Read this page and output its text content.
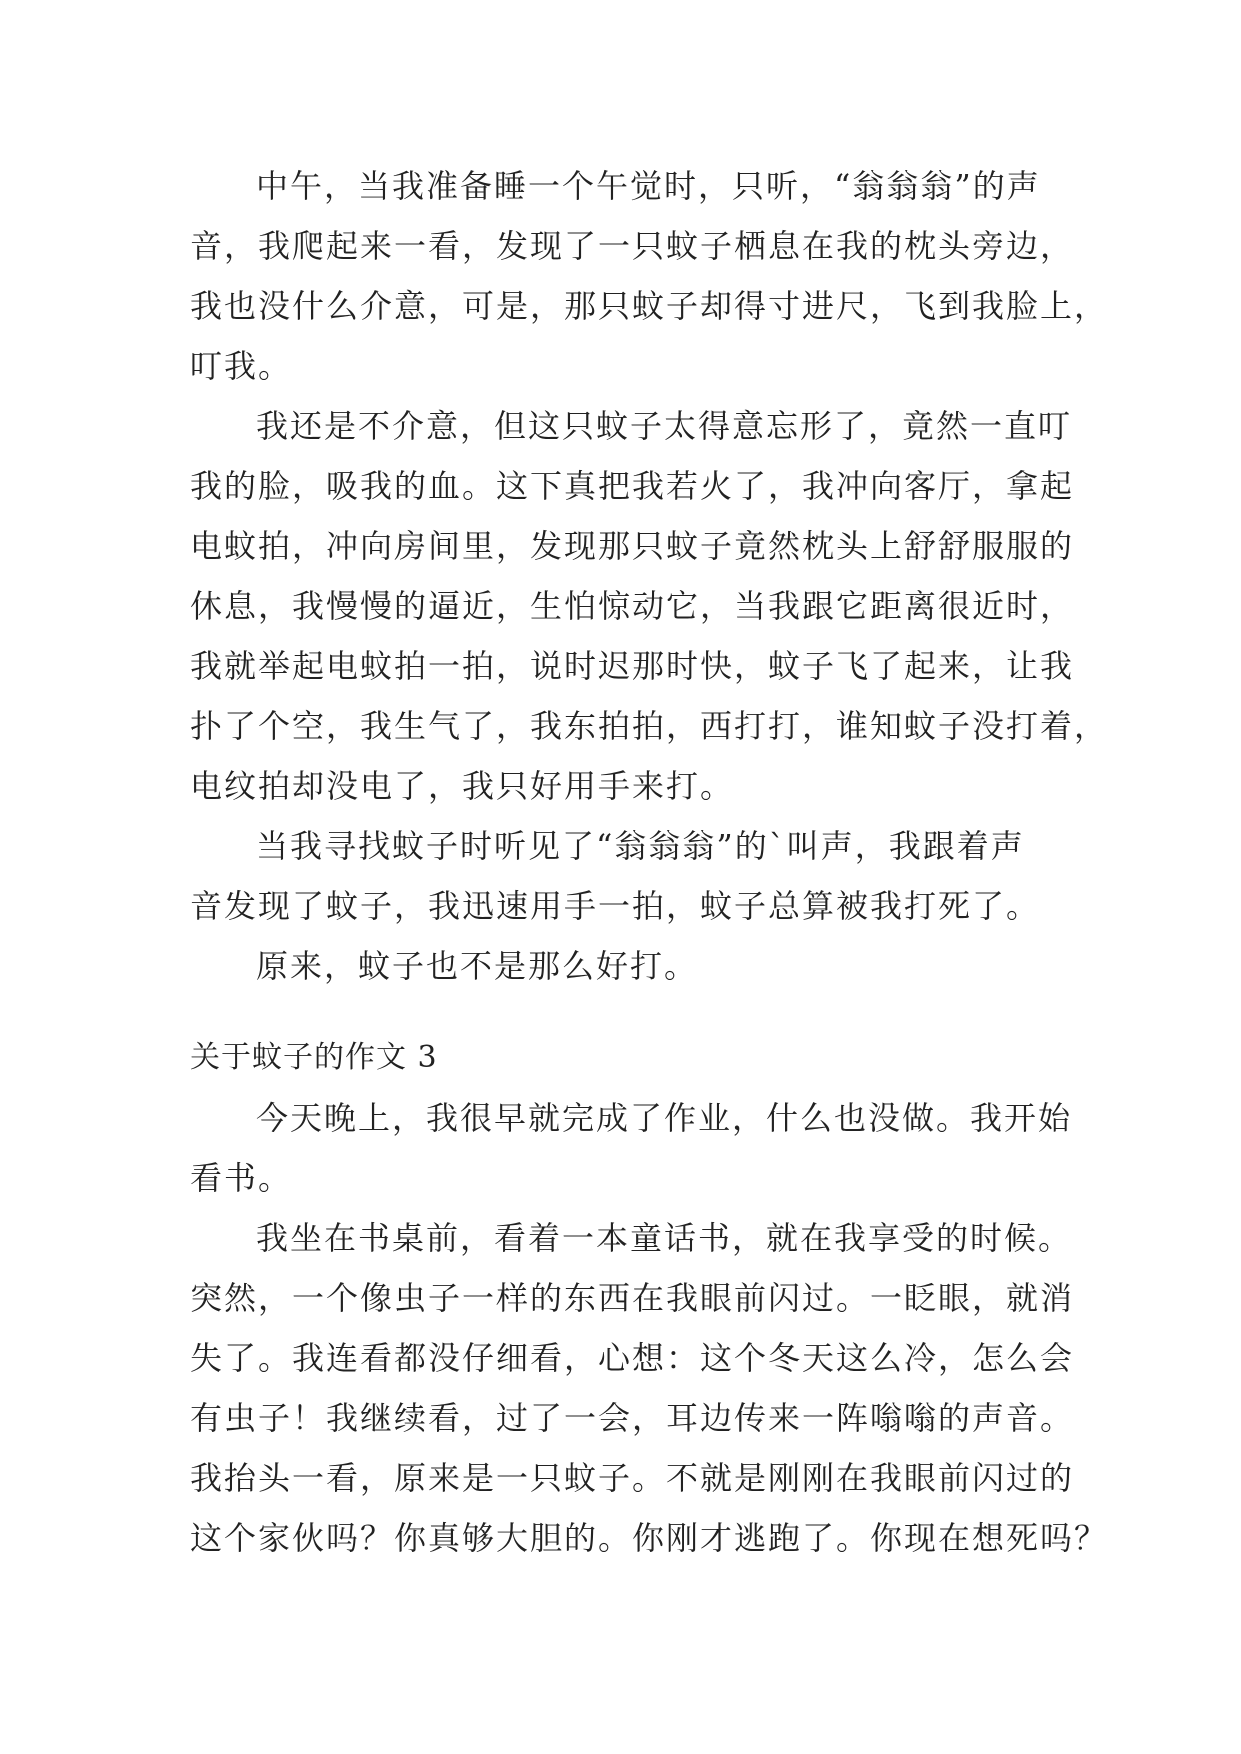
中午，当我准备睡一个午觉时，只听，“翁翁翁”的声
音，我爬起来一看，发现了一只蚊子栖息在我的枕头旁边，
我也没什么介意，可是，那只蚊子却得寸进尺，飞到我脸上，
叮我。
我还是不介意，但这只蚊子太得意忘形了，竟然一直叮
我的脸，吸我的血。这下真把我若火了，我冲向客厅，拿起
电蚊拍，冲向房间里，发现那只蚊子竟然枕头上舒舒服服的
休息，我慢慢的逼近，生怕惊动它，当我跟它距离很近时，
我就举起电蚊拍一拍，说时迟那时快，蚊子飞了起来，让我
扑了个空，我生气了，我东拍拍，西打打，谁知蚊子没打着，
电纹拍却没电了，我只好用手来打。
当我寻找蚊子时听见了“翁翁翁”的`叫声，我跟着声
音发现了蚊子，我迅速用手一拍，蚊子总算被我打死了。
原来，蚊子也不是那么好打。
关于蚊子的作文 3
今天晚上，我很早就完成了作业，什么也没做。我开始
看书。
我坐在书桌前，看着一本童话书，就在我享受的时候。
突然，一个像虫子一样的东西在我眼前闪过。一眨眼，就消
失了。我连看都没仔细看，心想：这个冬天这么冷，怎么会
有虫子！我继续看，过了一会，耳边传来一阵嗡嗡的声音。
我抬头一看，原来是一只蚊子。不就是刚刚在我眼前闪过的
这个家伙吗？你真够大胆的。你刚才逃跑了。你现在想死吗？
